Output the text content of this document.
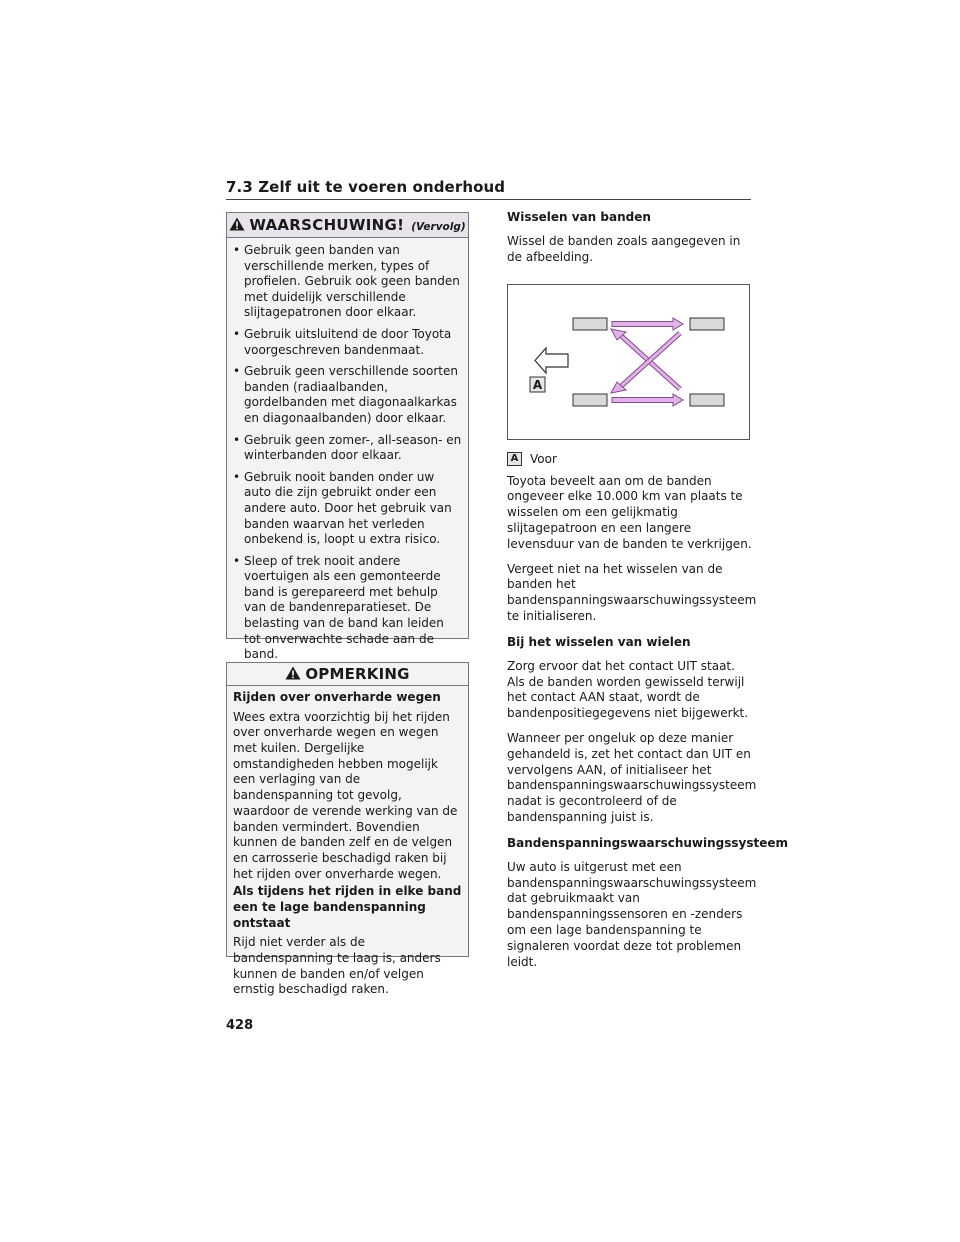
7.3 Zelf uit te voeren onderhoud
WAARSCHUWING! (Vervolg)
• Gebruik geen banden van verschillende merken, types of profielen. Gebruik ook geen banden met duidelijk verschillende slijtagepatronen door elkaar.
• Gebruik uitsluitend de door Toyota voorgeschreven bandenmaat.
• Gebruik geen verschillende soorten banden (radiaalbanden, gordelbanden met diagonaalkarkas en diagonaalbanden) door elkaar.
• Gebruik geen zomer-, all-season- en winterbanden door elkaar.
• Gebruik nooit banden onder uw auto die zijn gebruikt onder een andere auto. Door het gebruik van banden waarvan het verleden onbekend is, loopt u extra risico.
• Sleep of trek nooit andere voertuigen als een gemonteerde band is gerepareerd met behulp van de bandenreparatieset. De belasting van de band kan leiden tot onverwachte schade aan de band.
OPMERKING
Rijden over onverharde wegen
Wees extra voorzichtig bij het rijden over onverharde wegen en wegen met kuilen. Dergelijke omstandigheden hebben mogelijk een verlaging van de bandenspanning tot gevolg, waardoor de verende werking van de banden vermindert. Bovendien kunnen de banden zelf en de velgen en carrosserie beschadigd raken bij het rijden over onverharde wegen.
Als tijdens het rijden in elke band een te lage bandenspanning ontstaat
Rijd niet verder als de bandenspanning te laag is, anders kunnen de banden en/of velgen ernstig beschadigd raken.
Wisselen van banden
Wissel de banden zoals aangegeven in de afbeelding.
A
A Voor
Toyota beveelt aan om de banden ongeveer elke 10.000 km van plaats te wisselen om een gelijkmatig slijtagepatroon en een langere levensduur van de banden te verkrijgen.
Vergeet niet na het wisselen van de banden het bandenspanningswaarschuwingssysteem te initialiseren.
Bij het wisselen van wielen
Zorg ervoor dat het contact UIT staat. Als de banden worden gewisseld terwijl het contact AAN staat, wordt de bandenpositiegegevens niet bijgewerkt.
Wanneer per ongeluk op deze manier gehandeld is, zet het contact dan UIT en vervolgens AAN, of initialiseer het bandenspanningswaarschuwingssysteem nadat is gecontroleerd of de bandenspanning juist is.
Bandenspanningswaarschuwingssysteem
Uw auto is uitgerust met een bandenspanningswaarschuwingssysteem dat gebruikmaakt van bandenspanningssensoren en -zenders om een lage bandenspanning te signaleren voordat deze tot problemen leidt.
428
